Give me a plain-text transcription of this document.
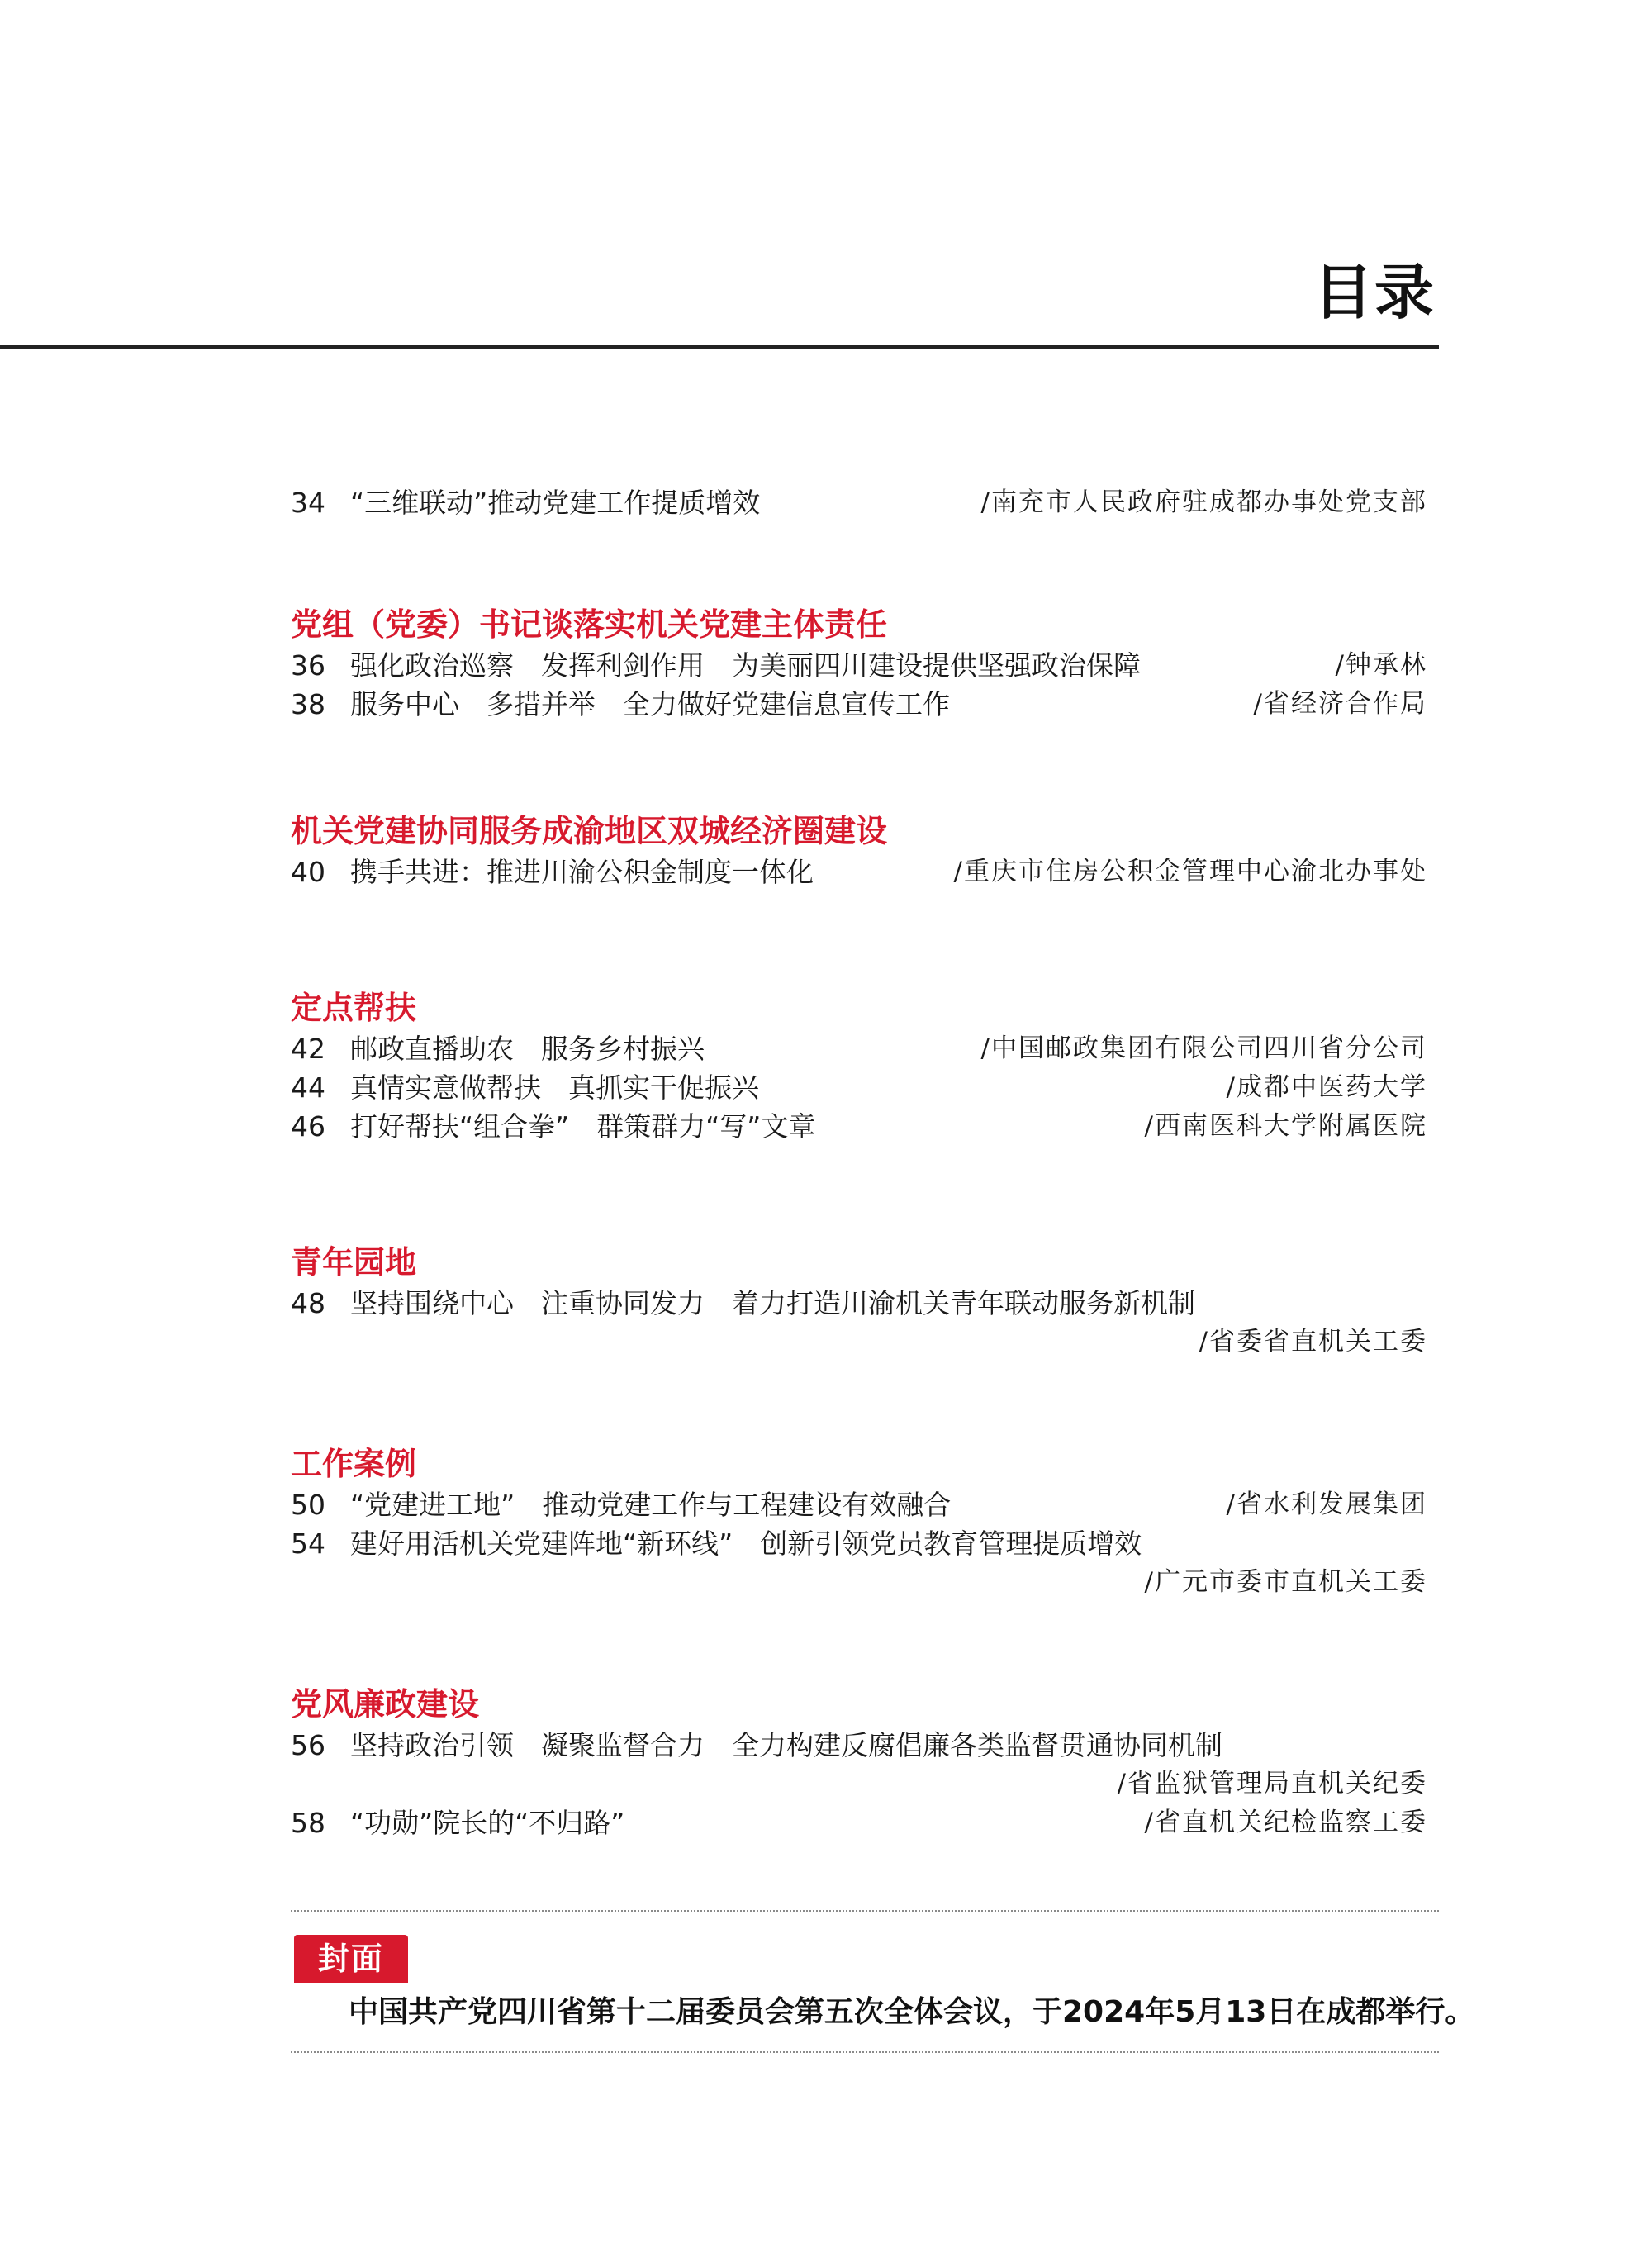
目录
34 “三维联动”推动党建工作提质增效	/南充市人民政府驻成都办事处党支部
党组（党委）书记谈落实机关党建主体责任
36 强化政治巡察　发挥利剑作用　为美丽四川建设提供坚强政治保障	/钟承林
38 服务中心　多措并举　全力做好党建信息宣传工作	/省经济合作局
机关党建协同服务成渝地区双城经济圈建设
40 携手共进：推进川渝公积金制度一体化	/重庆市住房公积金管理中心渝北办事处
定点帮扶
42 邮政直播助农　服务乡村振兴	/中国邮政集团有限公司四川省分公司
44 真情实意做帮扶　真抓实干促振兴	/成都中医药大学
46 打好帮扶“组合拳”　群策群力“写”文章	/西南医科大学附属医院
青年园地
48 坚持围绕中心　注重协同发力　着力打造川渝机关青年联动服务新机制
/省委省直机关工委
工作案例
50 “党建进工地”　推动党建工作与工程建设有效融合	/省水利发展集团
54 建好用活机关党建阵地“新环线”　创新引领党员教育管理提质增效
/广元市委市直机关工委
党风廉政建设
56 坚持政治引领　凝聚监督合力　全力构建反腐倡廉各类监督贯通协同机制
/省监狱管理局直机关纪委
58 “功勋”院长的“不归路”	/省直机关纪检监察工委
封面
中国共产党四川省第十二届委员会第五次全体会议，于2024年5月13日在成都举行。
